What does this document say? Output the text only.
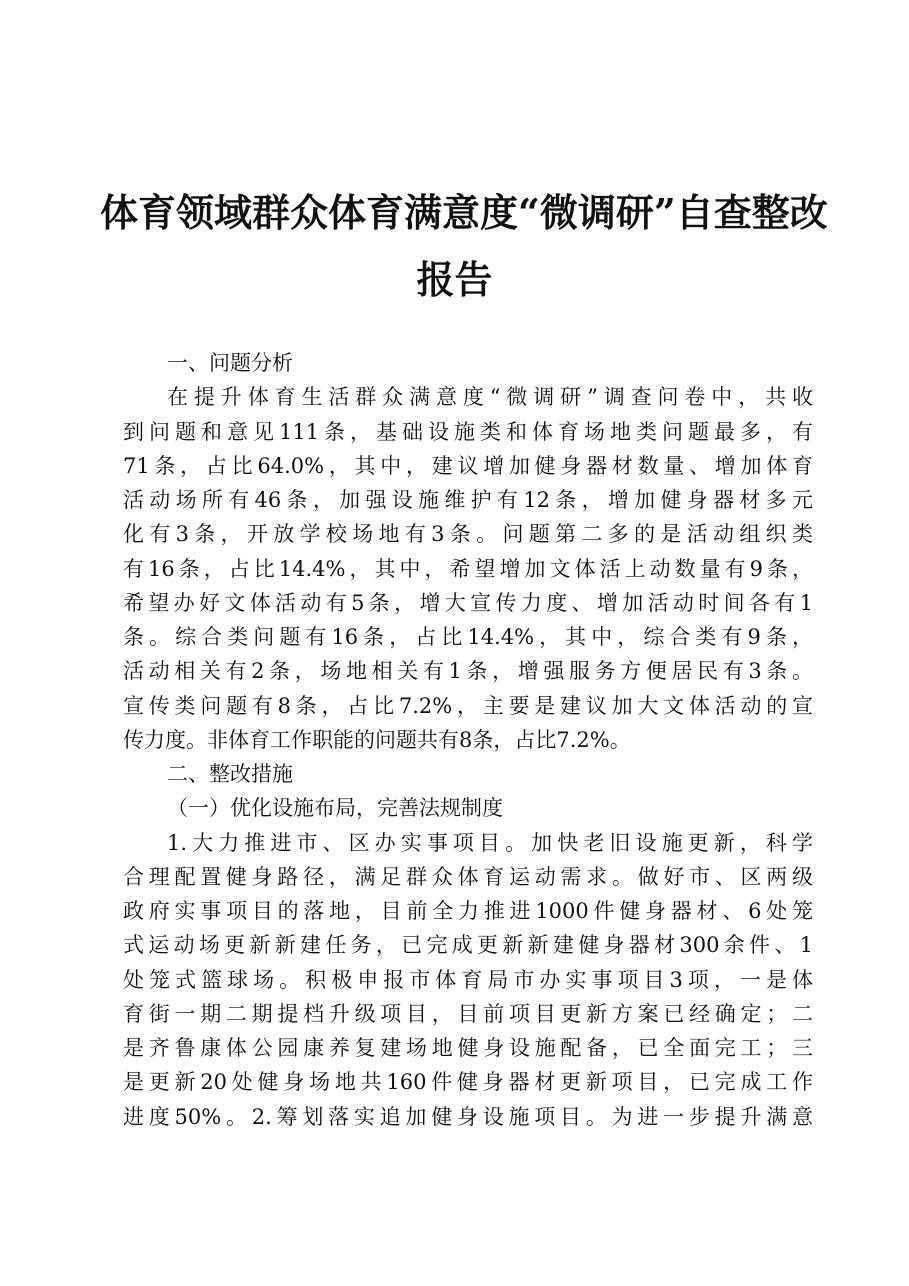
体育领域群众体育满意度“微调研”自查整改
报告

一、问题分析

在提升体育生活群众满意度“微调研”调查问卷中，共收

到问题和意见111条，基础设施类和体育场地类问题最多，有

71条，占比64.0%，其中，建议增加健身器材数量、增加体育

活动场所有46条，加强设施维护有12条，增加健身器材多元

化有3条，开放学校场地有3条。问题第二多的是活动组织类

有16条，占比14.4%，其中，希望增加文体活上动数量有9条，

希望办好文体活动有5条，增大宣传力度、增加活动时间各有1

条。综合类问题有16条，占比14.4%，其中，综合类有9条，

活动相关有2条，场地相关有1条，增强服务方便居民有3条。

宣传类问题有8条，占比7.2%，主要是建议加大文体活动的宣

传力度。非体育工作职能的问题共有8条，占比7.2%。

二、整改措施

（一）优化设施布局，完善法规制度

1.大力推进市、区办实事项目。加快老旧设施更新，科学

合理配置健身路径，满足群众体育运动需求。做好市、区两级

政府实事项目的落地，目前全力推进1000件健身器材、6处笼

式运动场更新新建任务，已完成更新新建健身器材300余件、1

处笼式篮球场。积极申报市体育局市办实事项目3项，一是体

育街一期二期提档升级项目，目前项目更新方案已经确定；二

是齐鲁康体公园康养复建场地健身设施配备，已全面完工；三

是更新20处健身场地共160件健身器材更新项目，已完成工作

进度50%。2.筹划落实追加健身设施项目。为进一步提升满意
